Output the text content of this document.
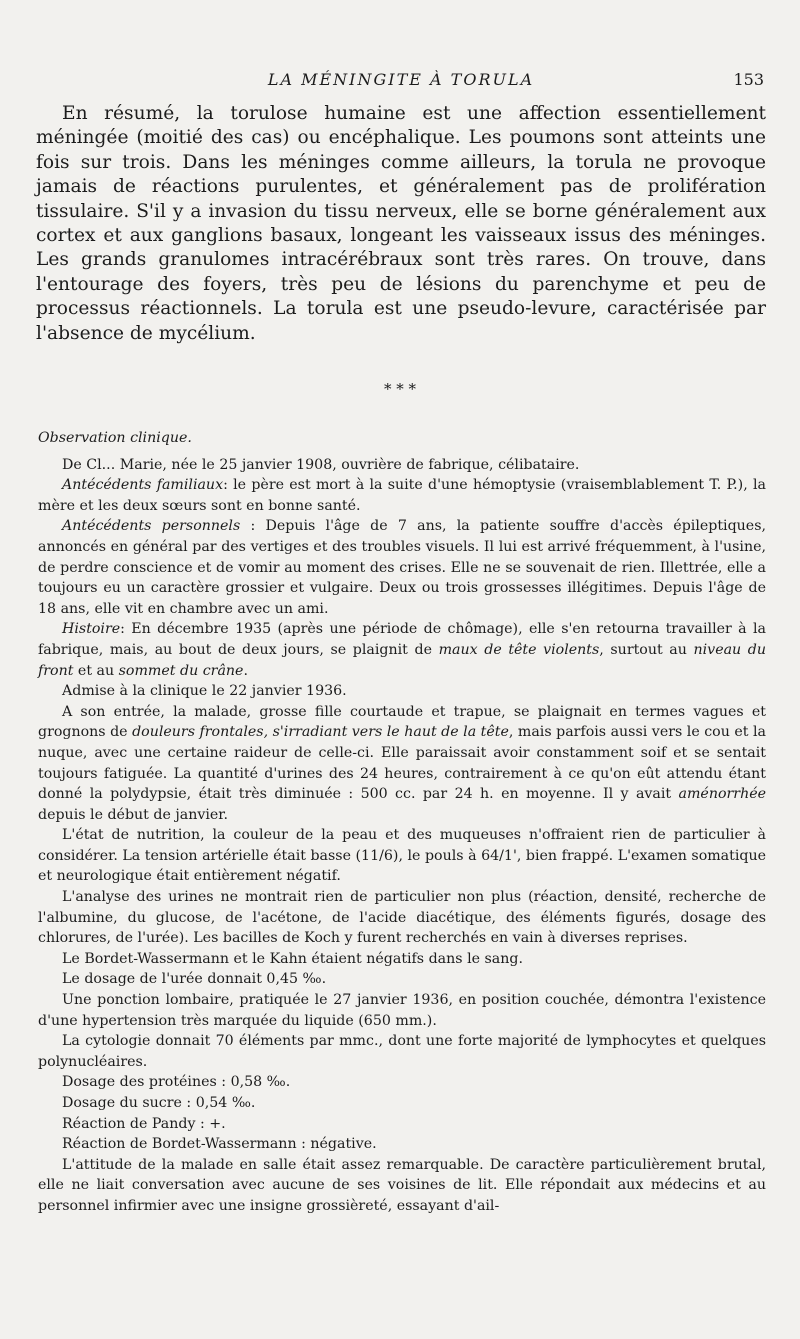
LA MÉNINGITE À TORULA	153

En résumé, la torulose humaine est une affection essentiellement méningée (moitié des cas) ou encéphalique. Les poumons sont atteints une fois sur trois. Dans les méninges comme ailleurs, la torula ne provoque jamais de réactions purulentes, et généralement pas de prolifération tissulaire. S'il y a invasion du tissu nerveux, elle se borne généralement aux cortex et aux ganglions basaux, longeant les vaisseaux issus des méninges. Les grands granulomes intracérébraux sont très rares. On trouve, dans l'entourage des foyers, très peu de lésions du parenchyme et peu de processus réactionnels. La torula est une pseudo-levure, caractérisée par l'absence de mycélium.

* * *

Observation clinique.

De Cl... Marie, née le 25 janvier 1908, ouvrière de fabrique, célibataire.

Antécédents familiaux: le père est mort à la suite d'une hémoptysie (vraisemblablement T. P.), la mère et les deux sœurs sont en bonne santé.

Antécédents personnels : Depuis l'âge de 7 ans, la patiente souffre d'accès épileptiques, annoncés en général par des vertiges et des troubles visuels. Il lui est arrivé fréquemment, à l'usine, de perdre conscience et de vomir au moment des crises. Elle ne se souvenait de rien. Illettrée, elle a toujours eu un caractère grossier et vulgaire. Deux ou trois grossesses illégitimes. Depuis l'âge de 18 ans, elle vit en chambre avec un ami.

Histoire: En décembre 1935 (après une période de chômage), elle s'en retourna travailler à la fabrique, mais, au bout de deux jours, se plaignit de maux de tête violents, surtout au niveau du front et au sommet du crâne.

Admise à la clinique le 22 janvier 1936.

A son entrée, la malade, grosse fille courtaude et trapue, se plaignait en termes vagues et grognons de douleurs frontales, s'irradiant vers le haut de la tête, mais parfois aussi vers le cou et la nuque, avec une certaine raideur de celle-ci. Elle paraissait avoir constamment soif et se sentait toujours fatiguée. La quantité d'urines des 24 heures, contrairement à ce qu'on eût attendu étant donné la polydypsie, était très diminuée : 500 cc. par 24 h. en moyenne. Il y avait aménorrhée depuis le début de janvier.

L'état de nutrition, la couleur de la peau et des muqueuses n'offraient rien de particulier à considérer. La tension artérielle était basse (11/6), le pouls à 64/1', bien frappé. L'examen somatique et neurologique était entièrement négatif.

L'analyse des urines ne montrait rien de particulier non plus (réaction, densité, recherche de l'albumine, du glucose, de l'acétone, de l'acide diacétique, des éléments figurés, dosage des chlorures, de l'urée). Les bacilles de Koch y furent recherchés en vain à diverses reprises.

Le Bordet-Wassermann et le Kahn étaient négatifs dans le sang.

Le dosage de l'urée donnait 0,45 ‰.

Une ponction lombaire, pratiquée le 27 janvier 1936, en position couchée, démontra l'existence d'une hypertension très marquée du liquide (650 mm.).

La cytologie donnait 70 éléments par mmc., dont une forte majorité de lymphocytes et quelques polynucléaires.

Dosage des protéines : 0,58 ‰.

Dosage du sucre : 0,54 ‰.

Réaction de Pandy : +.

Réaction de Bordet-Wassermann : négative.

L'attitude de la malade en salle était assez remarquable. De caractère particulièrement brutal, elle ne liait conversation avec aucune de ses voisines de lit. Elle répondait aux médecins et au personnel infirmier avec une insigne grossièreté, essayant d'ail-
